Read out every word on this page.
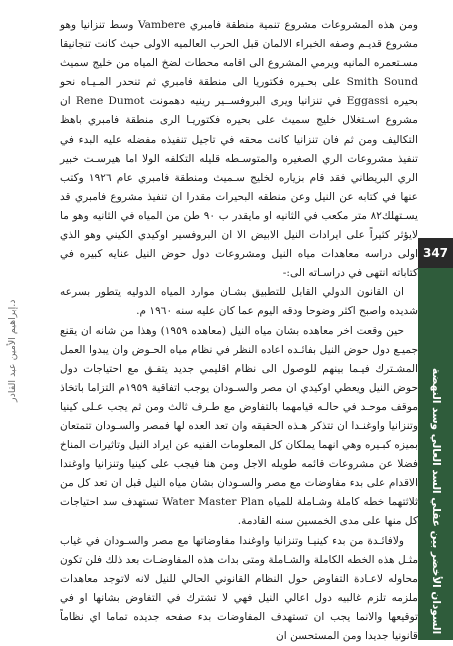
ومن هذه المشروعات مشروع تنمية منطقة فامبري Vambere وسط تنزانيا وهو مشروع قديـم وصفه الخبراء الالمان قبل الحرب العالميه الاولى حيث كانت تنجانيقا مسـتعمره المانيه ويرمي المشروع الى اقامه محطات لضخ المياه من خليج سميث Smith Sound على بحـيره فكتوريا الى منطقة فامبري ثم تنحدر المـيـاه نحو بحيره Eggassi في تنزانيا ويرى البروفســير رينيه دهمونت Rene Dumot ان مشروع اسـتغلال خليج سميث على بحيره فكتوريـا الرى منطقة فامبري باهظ التكاليف ومن ثم فان تنزانيا كانت محقه في تاجيل تنفيذه مفضله عليه البدء في تنفيذ مشروعات الري الصغيره والمتوسـطه قليله التكلفه الولا اما هيرسـت خبير الري البريطاني فقد قام بزياره لخليج سـميث ومنطقة فامبري عام ١٩٢٦ وكتب عنها في كتابه عن النيل وعن منطقه البحيرات مقدرا ان تنفيذ مشروع فامبري قد يسـتهلك٨٢ متر مكعب في الثانيه او مايقدر ب ٩٠ طن من المياه في الثانيه وهو ما لايؤثر كثيراً على ايرادات النيل الابيض الا ان البروفسير اوكيدي الكيني وهو الذي اولى دراسه معاهدات مياه النيل ومشروعات دول حوض النيل عنايه كبيره في كتاباته انتهى في دراسـاته الى:-

ان القانون الدولي القابل للتطبيق بشـان موارد المياه الدوليه يتطور بسرعه شديده واصبح اكثر وضوحا ودقه اليوم عما كان عليه سنه ١٩٦٠ م.

حين وقعت اخر معاهده بشان مياه النيل (معاهده ١٩٥٩) وهذا من شانه ان يقنع جميـع دول حوض النيل بفائـده اعاده النظر في نظام مياه الحـوض وان يبدوا العمل المشـترك فيـما بينهم للوصول الى نظام اقليمي جديد يتفـق مع احتياجات دول حوض النيل ويعطي اوكيدي ان مصر والسـودان يوجب اتفاقية ١٩٥٩م التزاما باتخاذ موقف موحـد في حالـه قيامهما بالتفاوض مع طـرف ثالث ومن ثم يجب عـلى كينيا وتنزانيا واوغنـدا ان تتذكر هـذه الحقيقه وان تعد العده لها فمصر والسـودان تتمتعان بميزه كبـيره وهي انهما يملكان كل المعلومات الفنيه عن ايراد النيل وتاثيرات المناخ فضلا عن مشروعات قائمه طويله الاجل ومن هنا فيجب على كينيا وتنزانيا واوغندا الاقدام على بدء مفاوضات مع مصر والسـودان بشان مياه النيل قبل ان تعد كل من ثلاثتهما خطه كاملة وشـاملة للمياه Water Master Plan تستهدف سد احتياجات كل منها على مدى الخمسين سنه القادمة.

ولافائـدة من بدء كينيـا وتنزانيا واوغندا مفاوضاتها مع مصر والسـودان في غياب مثـل هذه الخطه الكاملة والشـاملة ومتى بدات هذه المفاوضـات بعد ذلك فلن تكون محاوله لاعـادة التفاوض حول النظام القانوني الحالي للنيل لانه لاتوجد معاهدات ملزمه تلزم غالبيه دول اعالي النيل فهي لا تشترك في التفاوض بشانها او في توقيعها والانما يجب ان تستهدف المفاوضات بدء صفحه جديده تماما اي نظاماً قانونيا جديدا ومن المستحسن ان

347
السودان الأخضر بين عقلي السد العالي وسد النهضة
د.إبراهيم الأمين عبد القادر
